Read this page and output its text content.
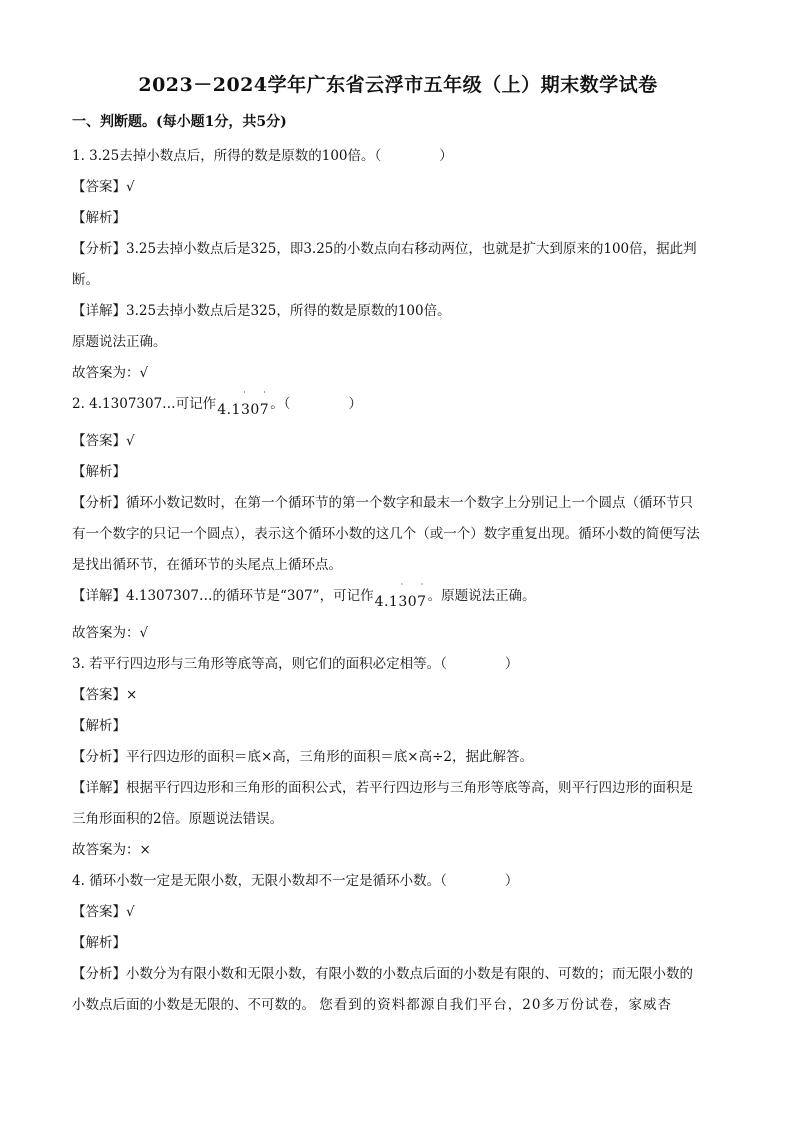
2023－2024学年广东省云浮市五年级（上）期末数学试卷
一、判断题。(每小题1分，共5分)
1. 3.25去掉小数点后，所得的数是原数的100倍。（	）
【答案】√
【解析】
【分析】3.25去掉小数点后是325，即3.25的小数点向右移动两位，也就是扩大到原来的100倍，据此判
断。
【详解】3.25去掉小数点后是325，所得的数是原数的100倍。
原题说法正确。
故答案为：√
2. 4.1307307…可记作
· ·
4.1307。（	）
【答案】√
【解析】
【分析】循环小数记数时，在第一个循环节的第一个数字和最末一个数字上分别记上一个圆点（循环节只
有一个数字的只记一个圆点），表示这个循环小数的这几个（或一个）数字重复出现。循环小数的简便写法
是找出循环节，在循环节的头尾点上循环点。
【详解】4.1307307…的循环节是“307”，可记作
· ·
4.1307。原题说法正确。
故答案为：√
3. 若平行四边形与三角形等底等高，则它们的面积必定相等。（	）
【答案】×
【解析】
【分析】平行四边形的面积＝底×高，三角形的面积＝底×高÷2，据此解答。
【详解】根据平行四边形和三角形的面积公式，若平行四边形与三角形等底等高，则平行四边形的面积是
三角形面积的2倍。原题说法错误。
故答案为：×
4. 循环小数一定是无限小数，无限小数却不一定是循环小数。（	）
【答案】√
【解析】
【分析】小数分为有限小数和无限小数，有限小数的小数点后面的小数是有限的、可数的；而无限小数的
小数点后面的小数是无限的、不可数的。 您看到的资料都源自我们平台，20多万份试卷，家威杏
